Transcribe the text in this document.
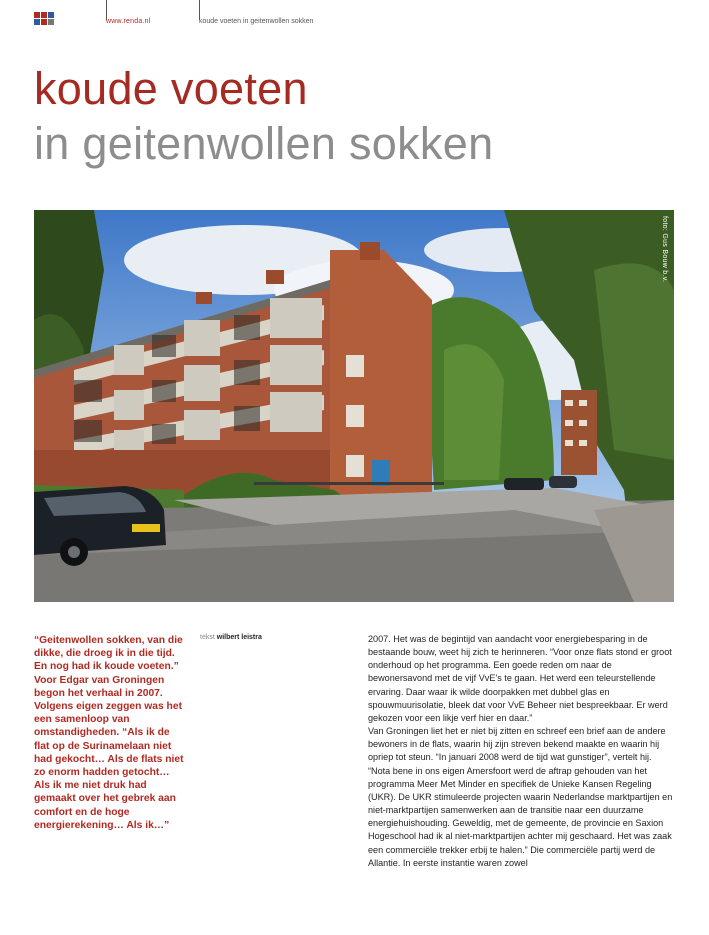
www.renda.nl	koude voeten in geitenwollen sokken
koude voeten
in geitenwollen sokken
foto: Gus Bouw b.v.
“Geitenwollen sokken, van die dikke, die droeg ik in die tijd. En nog had ik koude voeten.” Voor Edgar van Groningen begon het verhaal in 2007. Volgens eigen zeggen was het een samenloop van omstandigheden. “Als ik de flat op de Surinamelaan niet had gekocht… Als de flats niet zo enorm hadden getocht… Als ik me niet druk had gemaakt over het gebrek aan comfort en de hoge energierekening… Als ik…”
tekst wilbert leistra	2007. Het was de begintijd van aandacht voor energiebesparing in de bestaande bouw, weet hij zich te herinneren. “Voor onze flats stond er groot onderhoud op het programma. Een goede reden om naar de bewonersavond met de vijf VvE’s te gaan. Het werd een teleurstellende ervaring. Daar waar ik wilde doorpakken met dubbel glas en spouwmuurisolatie, bleek dat voor VvE Beheer niet bespreekbaar. Er werd gekozen voor een likje verf hier en daar.”

Van Groningen liet het er niet bij zitten en schreef een brief aan de andere bewoners in de flats, waarin hij zijn streven bekend maakte en waarin hij opriep tot steun. “In januari 2008 werd de tijd wat gunstiger”, vertelt hij. “Nota bene in ons eigen Amersfoort werd de aftrap gehouden van het programma Meer Met Minder en specifiek de Unieke Kansen Regeling (UKR). De UKR stimuleerde projecten waarin Nederlandse marktpartijen en niet-marktpartijen samenwerken aan de transitie naar een duurzame energiehuishouding. Geweldig, met de gemeente, de provincie en Saxion Hogeschool had ik al niet-marktpartijen achter mij geschaard. Het was zaak een commerciële trekker erbij te halen.” Die commerciële partij werd de Allantie. In eerste instantie waren zowel
